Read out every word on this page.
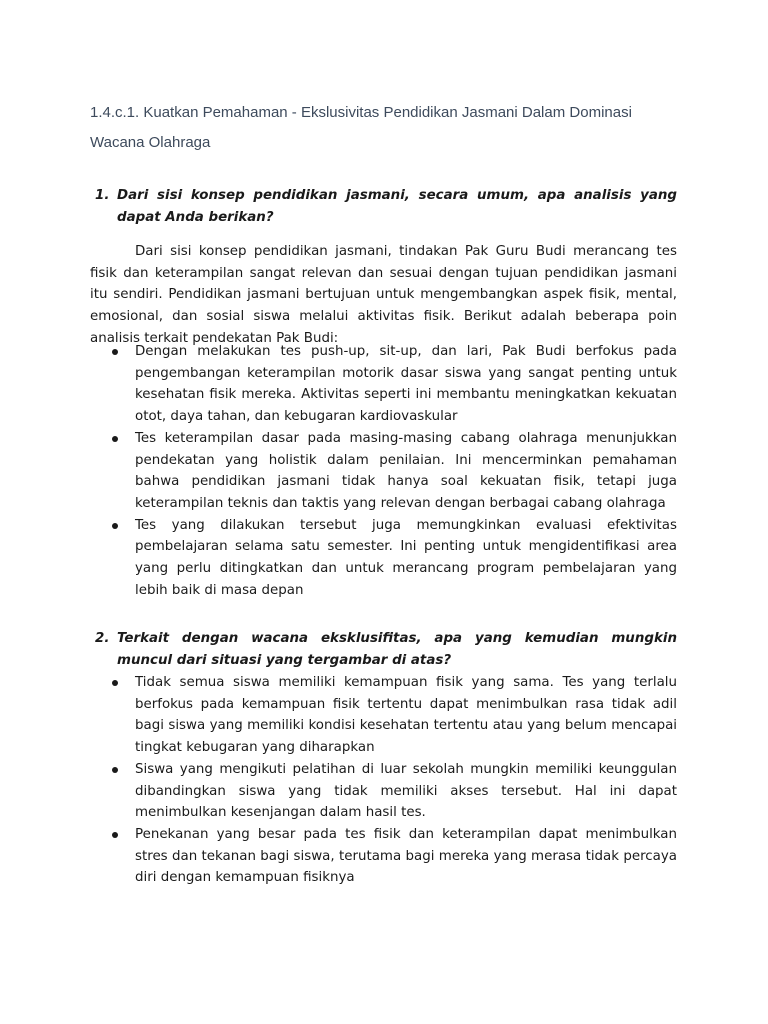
1.4.c.1. Kuatkan Pemahaman - Ekslusivitas Pendidikan Jasmani Dalam Dominasi
Wacana Olahraga
1. Dari sisi konsep pendidikan jasmani, secara umum, apa analisis yang dapat Anda berikan?

Dari sisi konsep pendidikan jasmani, tindakan Pak Guru Budi merancang tes fisik dan keterampilan sangat relevan dan sesuai dengan tujuan pendidikan jasmani itu sendiri. Pendidikan jasmani bertujuan untuk mengembangkan aspek fisik, mental, emosional, dan sosial siswa melalui aktivitas fisik. Berikut adalah beberapa poin analisis terkait pendekatan Pak Budi:

Dengan melakukan tes push-up, sit-up, dan lari, Pak Budi berfokus pada pengembangan keterampilan motorik dasar siswa yang sangat penting untuk kesehatan fisik mereka. Aktivitas seperti ini membantu meningkatkan kekuatan otot, daya tahan, dan kebugaran kardiovaskular
Tes keterampilan dasar pada masing-masing cabang olahraga menunjukkan pendekatan yang holistik dalam penilaian. Ini mencerminkan pemahaman bahwa pendidikan jasmani tidak hanya soal kekuatan fisik, tetapi juga keterampilan teknis dan taktis yang relevan dengan berbagai cabang olahraga
Tes yang dilakukan tersebut juga memungkinkan evaluasi efektivitas pembelajaran selama satu semester. Ini penting untuk mengidentifikasi area yang perlu ditingkatkan dan untuk merancang program pembelajaran yang lebih baik di masa depan
2. Terkait dengan wacana eksklusifitas, apa yang kemudian mungkin muncul dari situasi yang tergambar di atas?
Tidak semua siswa memiliki kemampuan fisik yang sama. Tes yang terlalu berfokus pada kemampuan fisik tertentu dapat menimbulkan rasa tidak adil bagi siswa yang memiliki kondisi kesehatan tertentu atau yang belum mencapai tingkat kebugaran yang diharapkan
Siswa yang mengikuti pelatihan di luar sekolah mungkin memiliki keunggulan dibandingkan siswa yang tidak memiliki akses tersebut. Hal ini dapat menimbulkan kesenjangan dalam hasil tes.
Penekanan yang besar pada tes fisik dan keterampilan dapat menimbulkan stres dan tekanan bagi siswa, terutama bagi mereka yang merasa tidak percaya diri dengan kemampuan fisiknya
